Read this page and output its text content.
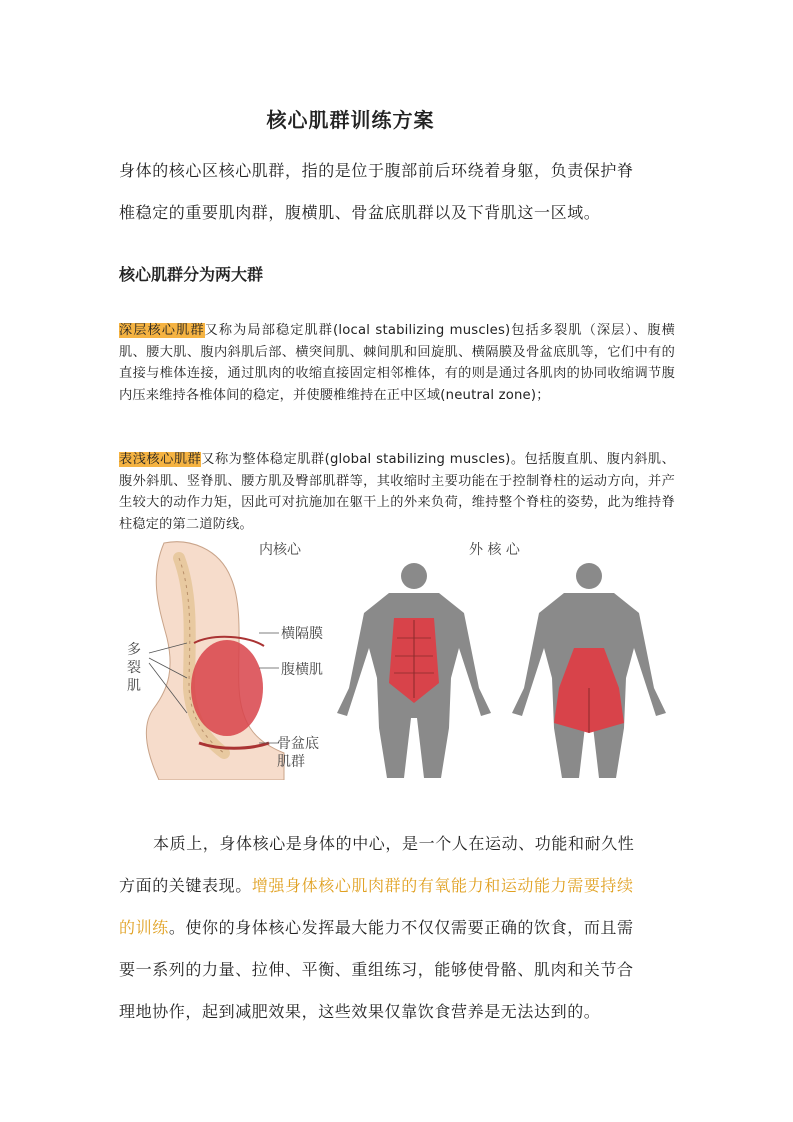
核心肌群训练方案
身体的核心区核心肌群，指的是位于腹部前后环绕着身躯，负责保护脊
椎稳定的重要肌肉群，腹横肌、骨盆底肌群以及下背肌这一区域。
核心肌群分为两大群
深层核心肌群又称为局部稳定肌群(local stabilizing muscles)包括多裂肌（深层）、腹横肌、腰大肌、腹内斜肌后部、横突间肌、棘间肌和回旋肌、横隔膜及骨盆底肌等，它们中有的直接与椎体连接，通过肌肉的收缩直接固定相邻椎体，有的则是通过各肌肉的协同收缩调节腹内压来维持各椎体间的稳定，并使腰椎维持在正中区域(neutral zone)；
表浅核心肌群又称为整体稳定肌群(global stabilizing muscles)。包括腹直肌、腹内斜肌、腹外斜肌、竖脊肌、腰方肌及臀部肌群等，其收缩时主要功能在于控制脊柱的运动方向，并产生较大的动作力矩，因此可对抗施加在躯干上的外来负荷，维持整个脊柱的姿势，此为维持脊柱稳定的第二道防线。
内核心
多
裂
肌
横隔膜
腹横肌
骨盆底
肌群
外 核 心
本质上，身体核心是身体的中心，是一个人在运动、功能和耐久性
方面的关键表现。增强身体核心肌肉群的有氧能力和运动能力需要持续
的训练。使你的身体核心发挥最大能力不仅仅需要正确的饮食，而且需
要一系列的力量、拉伸、平衡、重组练习，能够使骨骼、肌肉和关节合
理地协作，起到减肥效果，这些效果仅靠饮食营养是无法达到的。
